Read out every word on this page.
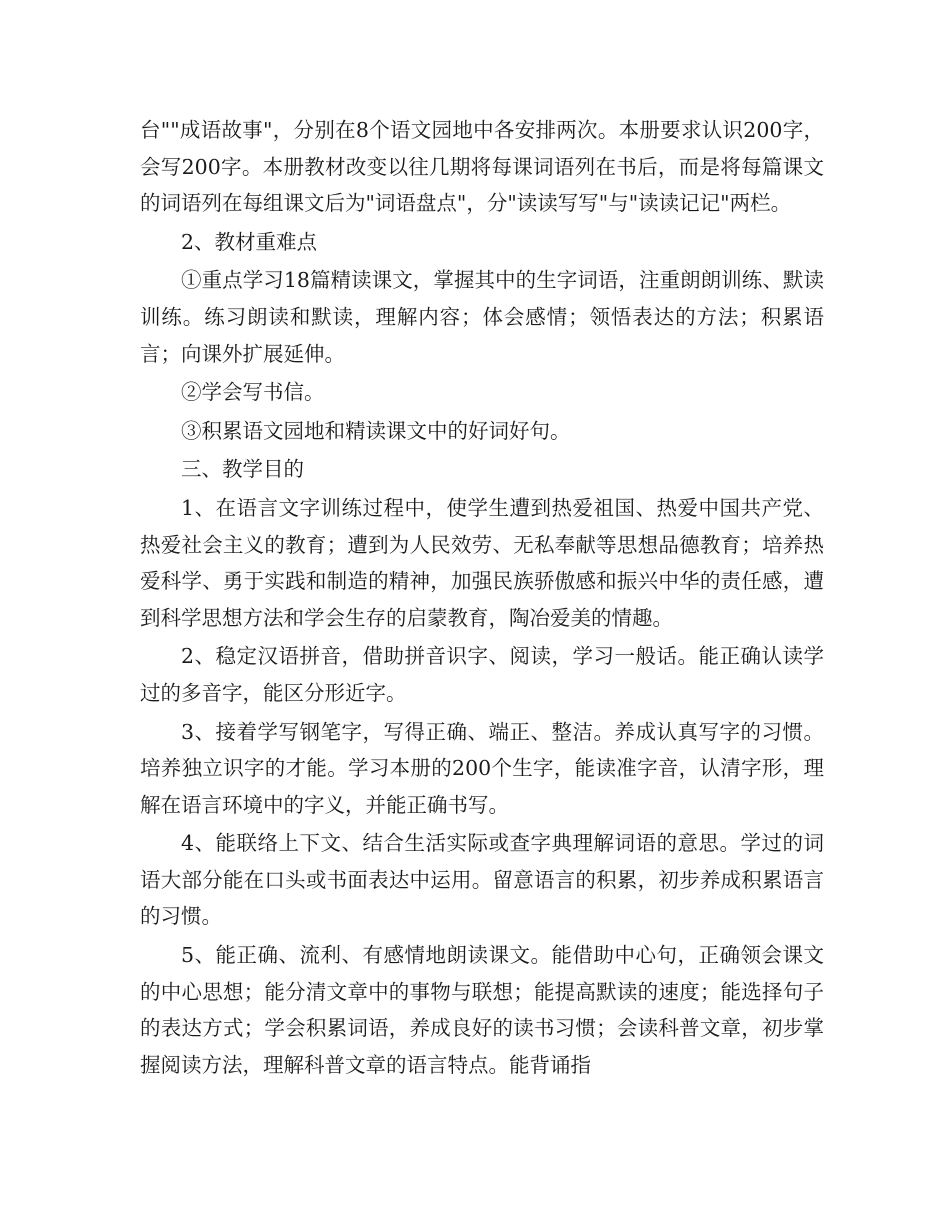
台""成语故事"，分别在8个语文园地中各安排两次。本册要求认识200字，会写200字。本册教材改变以往几期将每课词语列在书后，而是将每篇课文的词语列在每组课文后为"词语盘点"，分"读读写写"与"读读记记"两栏。

2、教材重难点

①重点学习18篇精读课文，掌握其中的生字词语，注重朗朗训练、默读训练。练习朗读和默读，理解内容；体会感情；领悟表达的方法；积累语言；向课外扩展延伸。

②学会写书信。

③积累语文园地和精读课文中的好词好句。

三、教学目的

1、在语言文字训练过程中，使学生遭到热爱祖国、热爱中国共产党、热爱社会主义的教育；遭到为人民效劳、无私奉献等思想品德教育；培养热爱科学、勇于实践和制造的精神，加强民族骄傲感和振兴中华的责任感，遭到科学思想方法和学会生存的启蒙教育，陶冶爱美的情趣。

2、稳定汉语拼音，借助拼音识字、阅读，学习一般话。能正确认读学过的多音字，能区分形近字。

3、接着学写钢笔字，写得正确、端正、整洁。养成认真写字的习惯。培养独立识字的才能。学习本册的200个生字，能读准字音，认清字形，理解在语言环境中的字义，并能正确书写。

4、能联络上下文、结合生活实际或查字典理解词语的意思。学过的词语大部分能在口头或书面表达中运用。留意语言的积累，初步养成积累语言的习惯。

5、能正确、流利、有感情地朗读课文。能借助中心句，正确领会课文的中心思想；能分清文章中的事物与联想；能提高默读的速度；能选择句子的表达方式；学会积累词语，养成良好的读书习惯；会读科普文章，初步掌握阅读方法，理解科普文章的语言特点。能背诵指
